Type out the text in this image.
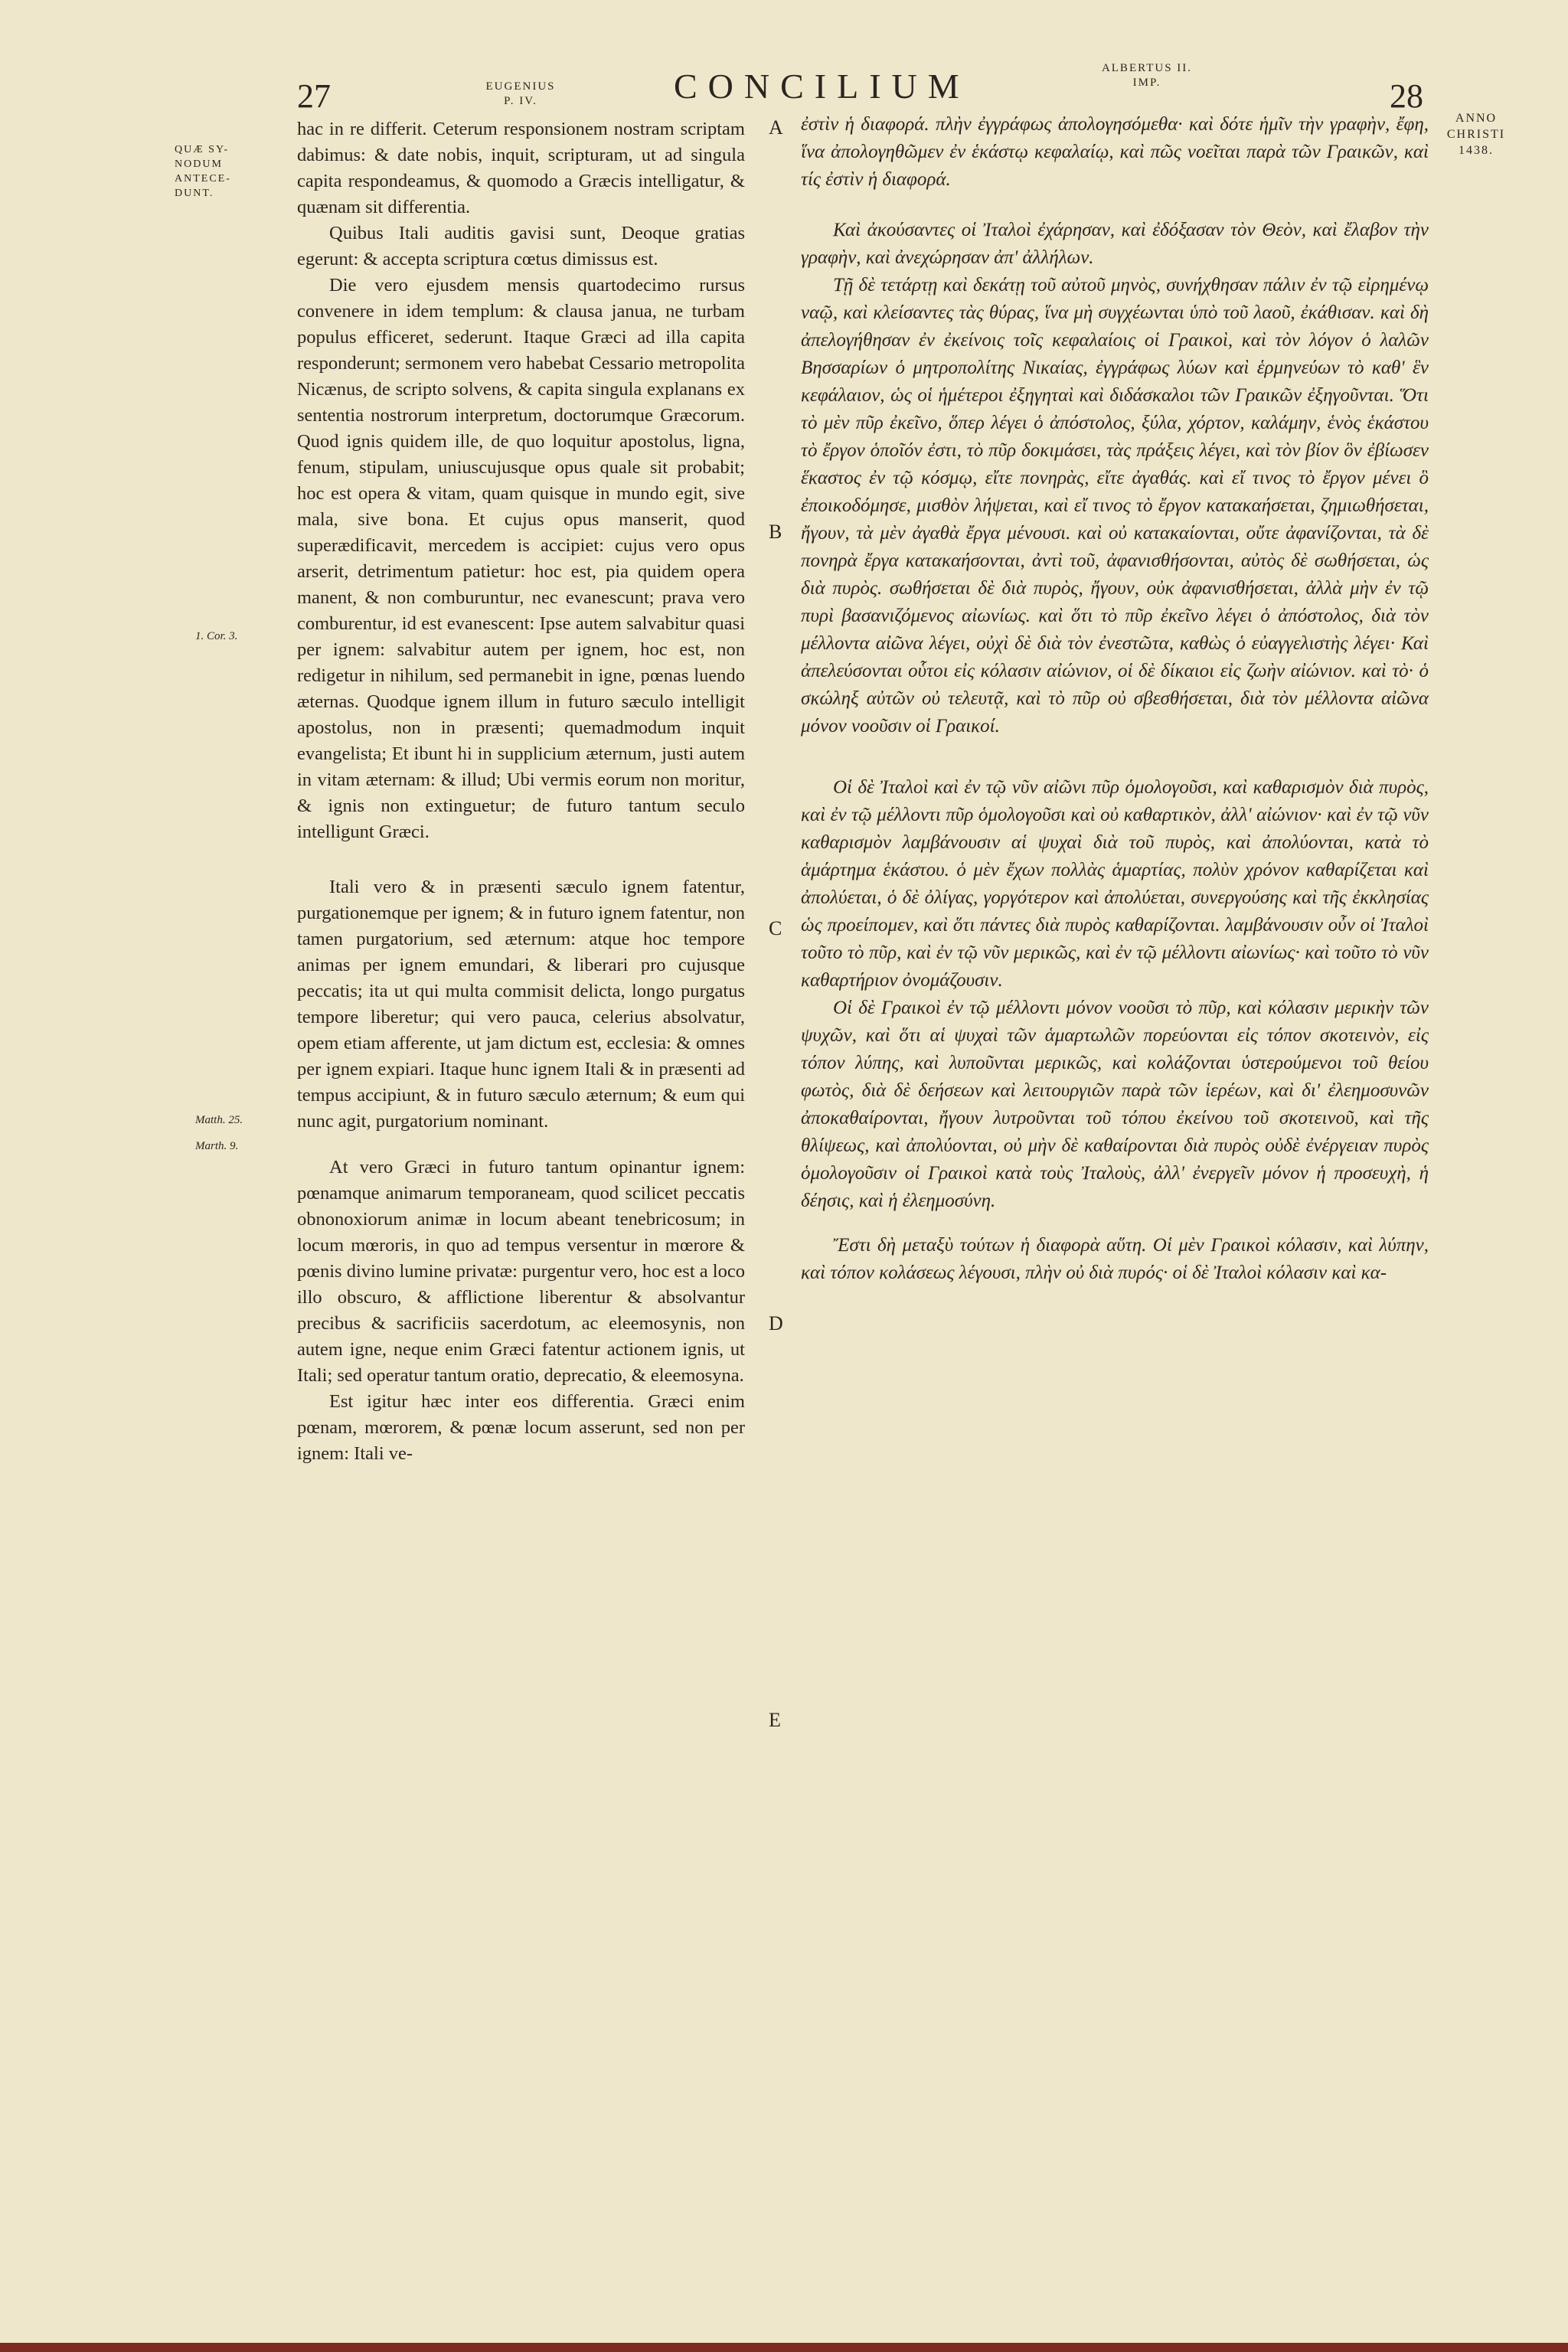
27	EUGENIUS
P. IV.	CONCILIUM	ALBERTUS II.
IMP.	28
ANNO
CHRISTI
1438.
QUÆ SY-
NODUM
ANTECE-
DUNT.
1. Cor. 3.
Matth. 25.
Marth. 9.
A
B
C
D
E

hac in re differit. Ceterum responsionem nostram scriptam dabimus: & date nobis, inquit, scripturam, ut ad singula capita respondeamus, & quomodo a Græcis intelligatur, & quænam sit differentia.

Quibus Itali auditis gavisi sunt, Deoque gratias egerunt: & accepta scriptura cœtus dimissus est.

Die vero ejusdem mensis quartodecimo rursus convenere in idem templum: & clausa janua, ne turbam populus efficeret, sederunt. Itaque Græci ad illa capita responderunt; sermonem vero habebat Cessario metropolita Nicænus, de scripto solvens, & capita singula explanans ex sententia nostrorum interpretum, doctorumque Græcorum. Quod ignis quidem ille, de quo loquitur apostolus, ligna, fenum, stipulam, uniuscujusque opus quale sit probabit; hoc est opera & vitam, quam quisque in mundo egit, sive mala, sive bona. Et cujus opus manserit, quod superædificavit, mercedem is accipiet: cujus vero opus arserit, detrimentum patietur: hoc est, pia quidem opera manent, & non comburuntur, nec evanescunt; prava vero comburentur, id est evanescent: Ipse autem salvabitur quasi per ignem: salvabitur autem per ignem, hoc est, non redigetur in nihilum, sed permanebit in igne, pœnas luendo æternas. Quodque ignem illum in futuro sæculo intelligit apostolus, non in præsenti; quemadmodum inquit evangelista; Et ibunt hi in supplicium æternum, justi autem in vitam æternam: & illud; Ubi vermis eorum non moritur, & ignis non extinguetur; de futuro tantum seculo intelligunt Græci.

Itali vero & in præsenti sæculo ignem fatentur, purgationemque per ignem; & in futuro ignem fatentur, non tamen purgatorium, sed æternum: atque hoc tempore animas per ignem emundari, & liberari pro cujusque peccatis; ita ut qui multa commisit delicta, longo purgatus tempore liberetur; qui vero pauca, celerius absolvatur, opem etiam afferente, ut jam dictum est, ecclesia: & omnes per ignem expiari. Itaque hunc ignem Itali & in præsenti ad tempus accipiunt, & in futuro sæculo æternum; & eum qui nunc agit, purgatorium nominant.

At vero Græci in futuro tantum opinantur ignem: pœnamque animarum temporaneam, quod scilicet peccatis obnonoxiorum animæ in locum abeant tenebricosum; in locum mœroris, in quo ad tempus versentur in mœrore & pœnis divino lumine privatæ: purgentur vero, hoc est a loco illo obscuro, & afflictione liberentur & absolvantur precibus & sacrificiis sacerdotum, ac eleemosynis, non autem igne, neque enim Græci fatentur actionem ignis, ut Itali; sed operatur tantum oratio, deprecatio, & eleemosyna.

Est igitur hæc inter eos differentia. Græci enim pœnam, mœrorem, & pœnæ locum asserunt, sed non per ignem: Itali ve-

ἐστὶν ἡ διαφορά. πλὴν ἐγγράφως ἀπολογησόμεθα· καὶ δότε ἡμῖν τὴν γραφὴν, ἔφη, ἵνα ἀπολογηθῶμεν ἐν ἑκάστῳ κεφαλαίῳ, καὶ πῶς νοεῖται παρὰ τῶν Γραικῶν, καὶ τίς ἐστὶν ἡ διαφορά.

Καὶ ἀκούσαντες οἱ Ἰταλοὶ ἐχάρησαν, καὶ ἐδόξασαν τὸν Θεὸν, καὶ ἔλαβον τὴν γραφὴν, καὶ ἀνεχώρησαν ἀπ' ἀλλήλων.

Τῇ δὲ τετάρτῃ καὶ δεκάτῃ τοῦ αὐτοῦ μηνὸς, συνήχθησαν πάλιν ἐν τῷ εἰρημένῳ ναῷ, καὶ κλείσαντες τὰς θύρας, ἵνα μὴ συγχέωνται ὑπὸ τοῦ λαοῦ, ἐκάθισαν. καὶ δὴ ἀπελογήθησαν ἐν ἐκείνοις τοῖς κεφαλαίοις οἱ Γραικοὶ, καὶ τὸν λόγον ὁ λαλῶν Βησσαρίων ὁ μητροπολίτης Νικαίας, ἐγγράφως λύων καὶ ἑρμηνεύων τὸ καθ' ἓν κεφάλαιον, ὡς οἱ ἡμέτεροι ἐξηγηταὶ καὶ διδάσκαλοι τῶν Γραικῶν ἐξηγοῦνται. Ὅτι τὸ μὲν πῦρ ἐκεῖνο, ὅπερ λέγει ὁ ἀπόστολος, ξύλα, χόρτον, καλάμην, ἑνὸς ἑκάστου τὸ ἔργον ὁποῖόν ἐστι, τὸ πῦρ δοκιμάσει, τὰς πράξεις λέγει, καὶ τὸν βίον ὃν ἐβίωσεν ἕκαστος ἐν τῷ κόσμῳ, εἴτε πονηρὰς, εἴτε ἀγαθάς. καὶ εἴ τινος τὸ ἔργον μένει ὃ ἐποικοδόμησε, μισθὸν λήψεται, καὶ εἴ τινος τὸ ἔργον κατακαήσεται, ζημιωθήσεται, ἤγουν, τὰ μὲν ἀγαθὰ ἔργα μένουσι. καὶ οὐ κατακαίονται, οὔτε ἀφανίζονται, τὰ δὲ πονηρὰ ἔργα κατακαήσονται, ἀντὶ τοῦ, ἀφανισθήσονται, αὐτὸς δὲ σωθήσεται, ὡς διὰ πυρὸς. σωθήσεται δὲ διὰ πυρὸς, ἤγουν, οὐκ ἀφανισθήσεται, ἀλλὰ μὴν ἐν τῷ πυρὶ βασανιζόμενος αἰωνίως. καὶ ὅτι τὸ πῦρ ἐκεῖνο λέγει ὁ ἀπόστολος, διὰ τὸν μέλλοντα αἰῶνα λέγει, οὐχὶ δὲ διὰ τὸν ἐνεστῶτα, καθὼς ὁ εὐαγγελιστὴς λέγει· Καὶ ἀπελεύσονται οὗτοι εἰς κόλασιν αἰώνιον, οἱ δὲ δίκαιοι εἰς ζωὴν αἰώνιον. καὶ τὸ· ὁ σκώληξ αὐτῶν οὐ τελευτᾷ, καὶ τὸ πῦρ οὐ σβεσθήσεται, διὰ τὸν μέλλοντα αἰῶνα μόνον νοοῦσιν οἱ Γραικοί.

Οἱ δὲ Ἰταλοὶ καὶ ἐν τῷ νῦν αἰῶνι πῦρ ὁμολογοῦσι, καὶ καθαρισμὸν διὰ πυρὸς, καὶ ἐν τῷ μέλλοντι πῦρ ὁμολογοῦσι καὶ οὐ καθαρτικὸν, ἀλλ' αἰώνιον· καὶ ἐν τῷ νῦν καθαρισμὸν λαμβάνουσιν αἱ ψυχαὶ διὰ τοῦ πυρὸς, καὶ ἀπολύονται, κατὰ τὸ ἁμάρτημα ἑκάστου. ὁ μὲν ἔχων πολλὰς ἁμαρτίας, πολὺν χρόνον καθαρίζεται καὶ ἀπολύεται, ὁ δὲ ὀλίγας, γοργότερον καὶ ἀπολύεται, συνεργούσης καὶ τῆς ἐκκλησίας ὡς προείπομεν, καὶ ὅτι πάντες διὰ πυρὸς καθαρίζονται. λαμβάνουσιν οὖν οἱ Ἰταλοὶ τοῦτο τὸ πῦρ, καὶ ἐν τῷ νῦν μερικῶς, καὶ ἐν τῷ μέλλοντι αἰωνίως· καὶ τοῦτο τὸ νῦν καθαρτήριον ὀνομάζουσιν.

Οἱ δὲ Γραικοὶ ἐν τῷ μέλλοντι μόνον νοοῦσι τὸ πῦρ, καὶ κόλασιν μερικὴν τῶν ψυχῶν, καὶ ὅτι αἱ ψυχαὶ τῶν ἁμαρτωλῶν πορεύονται εἰς τόπον σκοτεινὸν, εἰς τόπον λύπης, καὶ λυποῦνται μερικῶς, καὶ κολάζονται ὑστερούμενοι τοῦ θείου φωτὸς, διὰ δὲ δεήσεων καὶ λειτουργιῶν παρὰ τῶν ἱερέων, καὶ δι' ἐλεημοσυνῶν ἀποκαθαίρονται, ἤγουν λυτροῦνται τοῦ τόπου ἐκείνου τοῦ σκοτεινοῦ, καὶ τῆς θλίψεως, καὶ ἀπολύονται, οὐ μὴν δὲ καθαίρονται διὰ πυρὸς οὐδὲ ἐνέργειαν πυρὸς ὁμολογοῦσιν οἱ Γραικοὶ κατὰ τοὺς Ἰταλοὺς, ἀλλ' ἐνεργεῖν μόνον ἡ προσευχὴ, ἡ δέησις, καὶ ἡ ἐλεημοσύνη.

Ἔστι δὴ μεταξὺ τούτων ἡ διαφορὰ αὕτη. Οἱ μὲν Γραικοὶ κόλασιν, καὶ λύπην, καὶ τόπον κολάσεως λέγουσι, πλὴν οὐ διὰ πυρός· οἱ δὲ Ἰταλοὶ κόλασιν καὶ κα-
